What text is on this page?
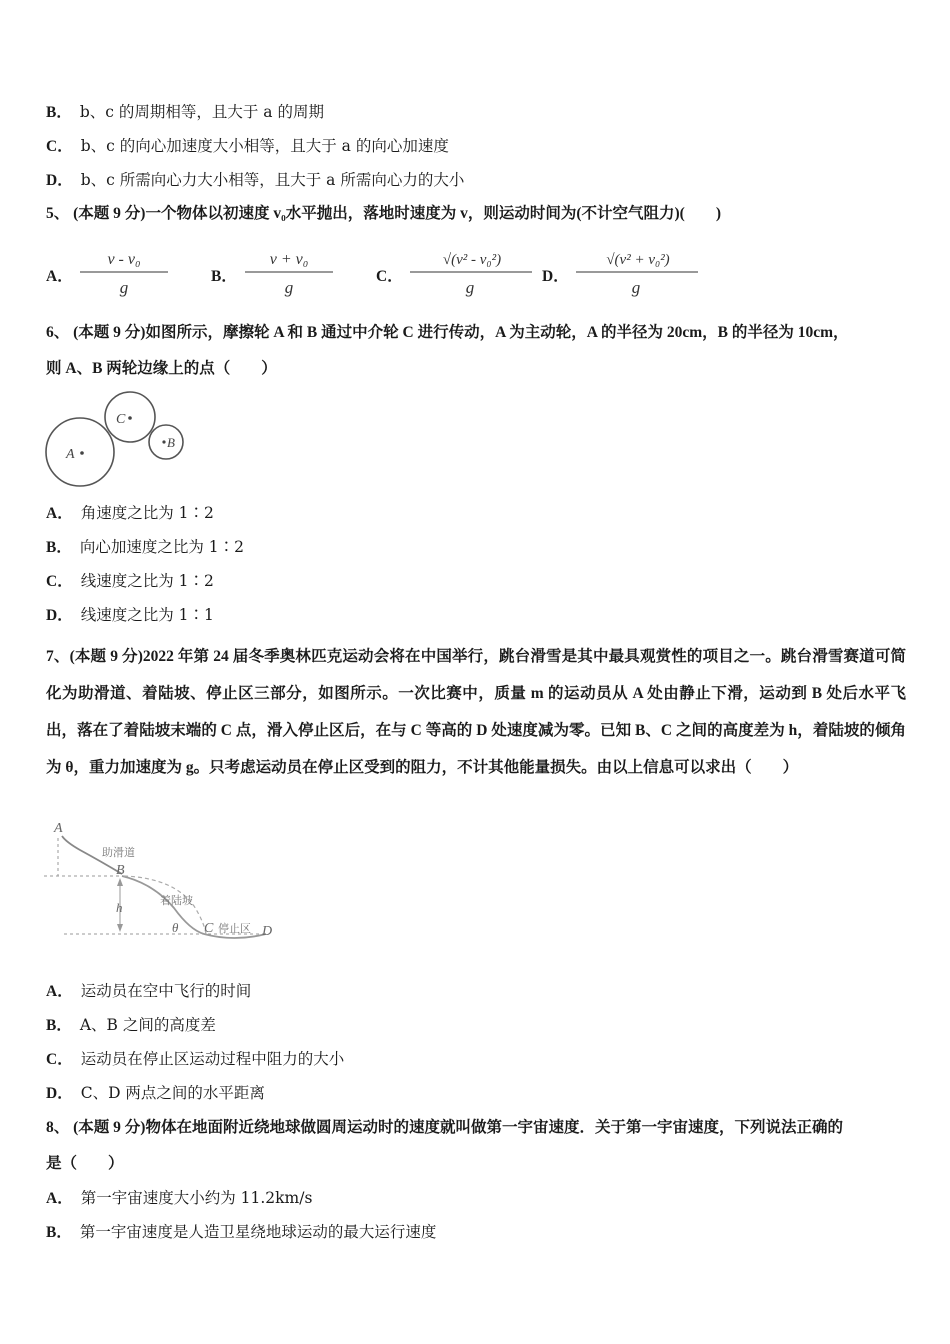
B． b、c 的周期相等，且大于 a 的周期
C． b、c 的向心加速度大小相等，且大于 a 的向心加速度
D． b、c 所需向心力大小相等，且大于 a 所需向心力的大小
5、 (本题 9 分)一个物体以初速度 v₀水平抛出，落地时速度为 v，则运动时间为(不计空气阻力)(　　)
A．
v - v₀
g
B．
v + v₀
g
C．
√(v² - v₀²)
g
D．
√(v² + v₀²)
g
6、 (本题 9 分)如图所示，摩擦轮 A 和 B 通过中介轮 C 进行传动，A 为主动轮，A 的半径为 20cm，B 的半径为 10cm，
则 A、B 两轮边缘上的点（　　）
A
C
B
A． 角速度之比为 1∶2
B． 向心加速度之比为 1∶2
C． 线速度之比为 1∶2
D． 线速度之比为 1∶1
7、(本题 9 分)2022 年第 24 届冬季奥林匹克运动会将在中国举行，跳台滑雪是其中最具观赏性的项目之一。跳台滑雪赛道可简化为助滑道、着陆坡、停止区三部分，如图所示。一次比赛中，质量 m 的运动员从 A 处由静止下滑，运动到 B 处后水平飞出，落在了着陆坡末端的 C 点，滑入停止区后，在与 C 等高的 D 处速度减为零。已知 B、C 之间的高度差为 h，着陆坡的倾角为 θ，重力加速度为 g。只考虑运动员在停止区受到的阻力，不计其他能量损失。由以上信息可以求出（　　）
A
助滑道
B
h	着陆坡
θ C 停止区 D
A． 运动员在空中飞行的时间
B． A、B 之间的高度差
C． 运动员在停止区运动过程中阻力的大小
D． C、D 两点之间的水平距离
8、 (本题 9 分)物体在地面附近绕地球做圆周运动时的速度就叫做第一宇宙速度．关于第一宇宙速度，下列说法正确的
是（　　）
A． 第一宇宙速度大小约为 11.2km/s
B． 第一宇宙速度是人造卫星绕地球运动的最大运行速度
